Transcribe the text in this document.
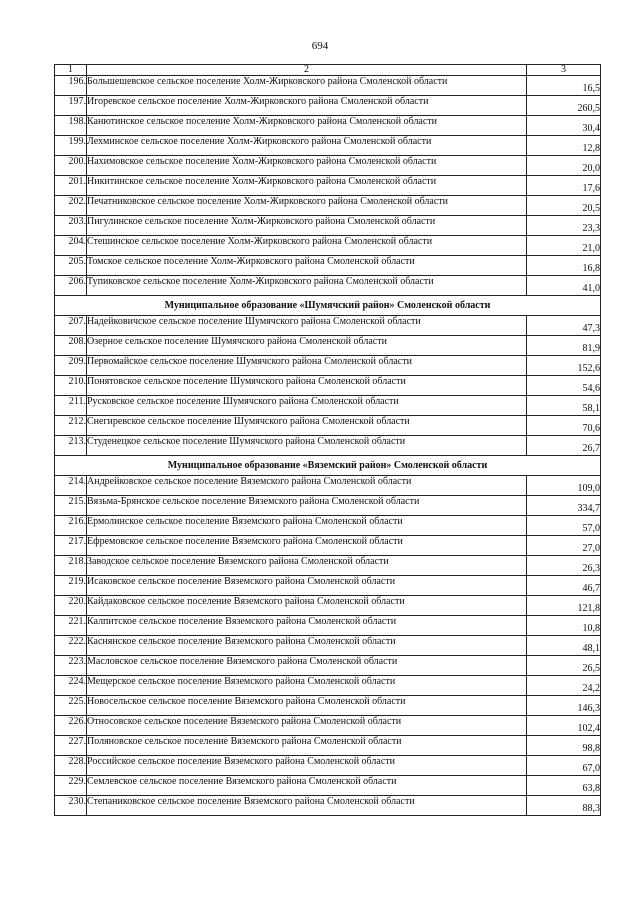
694
1	2	3
196.	Большешевское сельское поселение Холм-Жирковского района Смоленской области	16,5
197.	Игоревское сельское поселение Холм-Жирковского района Смоленской области	260,5
198.	Канютинское сельское поселение Холм-Жирковского района Смоленской области	30,4
199.	Лехминское сельское поселение Холм-Жирковского района Смоленской области	12,8
200.	Нахимовское сельское поселение Холм-Жирковского района Смоленской области	20,0
201.	Никитинское сельское поселение Холм-Жирковского района Смоленской области	17,6
202.	Печатниковское сельское поселение Холм-Жирковского района Смоленской области	20,5
203.	Пигулинское сельское поселение Холм-Жирковского района Смоленской области	23,3
204.	Стешинское сельское поселение Холм-Жирковского района Смоленской области	21,0
205.	Томское сельское поселение Холм-Жирковского района Смоленской области	16,8
206.	Тупиковское сельское поселение Холм-Жирковского района Смоленской области	41,0
Муниципальное образование «Шумячский район» Смоленской области		
207.	Надейковичское сельское поселение Шумячского района Смоленской области	47,3
208.	Озерное сельское поселение Шумячского района Смоленской области	81,9
209.	Первомайское сельское поселение Шумячского района Смоленской области	152,6
210.	Понятовское сельское поселение Шумячского района Смоленской области	54,6
211.	Русковское сельское поселение Шумячского района Смоленской области	58,1
212.	Снегиревское сельское поселение Шумячского района Смоленской области	70,6
213.	Студенецкое сельское поселение Шумячского района Смоленской области	26,7
Муниципальное образование «Вяземский район» Смоленской области		
214.	Андрейковское сельское поселение Вяземского района Смоленской области	109,0
215.	Вязьма-Брянское сельское поселение Вяземского района Смоленской области	334,7
216.	Ермолинское сельское поселение Вяземского района Смоленской области	57,0
217.	Ефремовское сельское поселение Вяземского района Смоленской области	27,0
218.	Заводское сельское поселение Вяземского района Смоленской области	26,3
219.	Исаковское сельское поселение Вяземского района Смоленской области	46,7
220.	Кайдаковское сельское поселение Вяземского района Смоленской области	121,8
221.	Калпитское сельское поселение Вяземского района Смоленской области	10,8
222.	Каснянское сельское поселение Вяземского района Смоленской области	48,1
223.	Масловское сельское поселение Вяземского района Смоленской области	26,5
224.	Мещерское сельское поселение Вяземского района Смоленской области	24,2
225.	Новосельское сельское поселение Вяземского района Смоленской области	146,3
226.	Относовское сельское поселение Вяземского района Смоленской области	102,4
227.	Поляновское сельское поселение Вяземского района Смоленской области	98,8
228.	Российское сельское поселение Вяземского района Смоленской области	67,0
229.	Семлевское сельское поселение Вяземского района Смоленской области	63,8
230.	Степаниковское сельское поселение Вяземского района Смоленской области	88,3
